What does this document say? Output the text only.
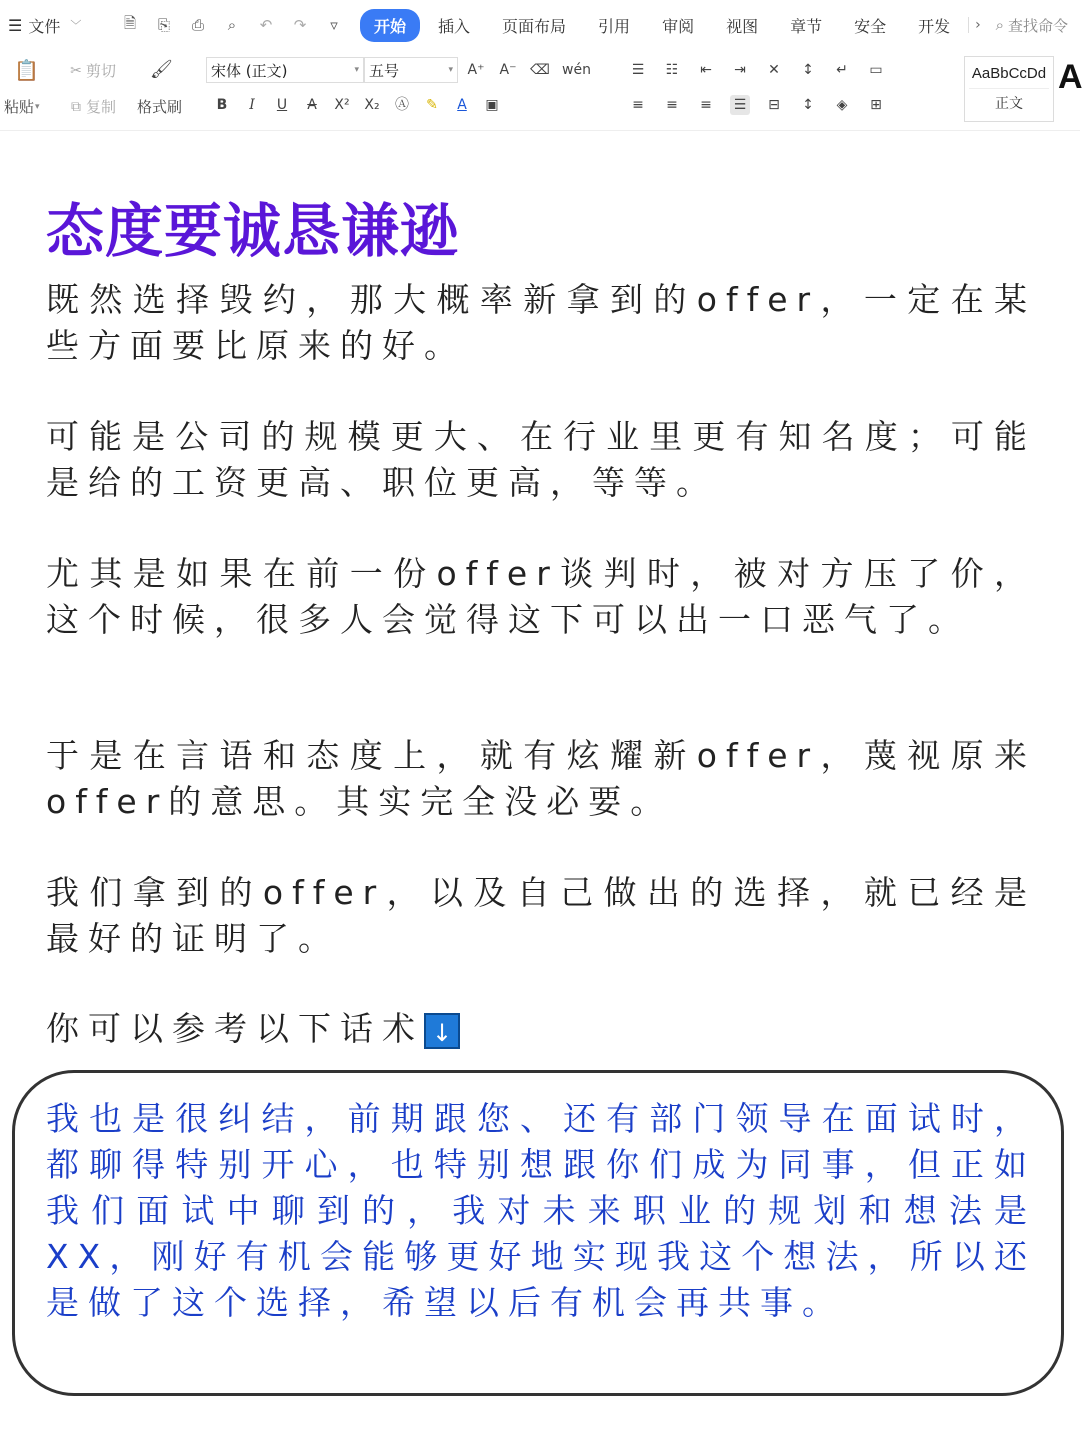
☰ 文件 ﹀	🗎 ⎘ ⎙	⌕	↶ ↷	▿	开始	插入	页面布局	引用	审阅	视图	章节	安全	开发	› ⌕ 查找命令
📋
粘贴 ▾
✂ 剪切
⧉ 复制
🖌
格式刷
宋体 (正文)	▾ 五号	▾ A⁺ A⁻ ⌫ wén
B	I	U	A	X² X₂ Ⓐ ✎	A	▣
☰ ☷ ⇤ ⇥ ✕ ↕ ↵ ▭
≡ ≡ ≡ ☰ ⊟ ↕	◈	⊞
AaBbCcDd
正文
A
态度要诚恳谦逊
既然选择毁约，那大概率新拿到的offer，一定在某些方面要比原来的好。
可能是公司的规模更大、在行业里更有知名度；可能是给的工资更高、职位更高，等等。
尤其是如果在前一份offer谈判时，被对方压了价，这个时候，很多人会觉得这下可以出一口恶气了。
于是在言语和态度上，就有炫耀新offer，蔑视原来offer的意思。其实完全没必要。
我们拿到的offer，以及自己做出的选择，就已经是最好的证明了。
你可以参考以下话术 ↓
我也是很纠结，前期跟您、还有部门领导在面试时，都聊得特别开心，也特别想跟你们成为同事，但正如我们面试中聊到的，我对未来职业的规划和想法是XX，刚好有机会能够更好地实现我这个想法，所以还是做了这个选择，希望以后有机会再共事。
